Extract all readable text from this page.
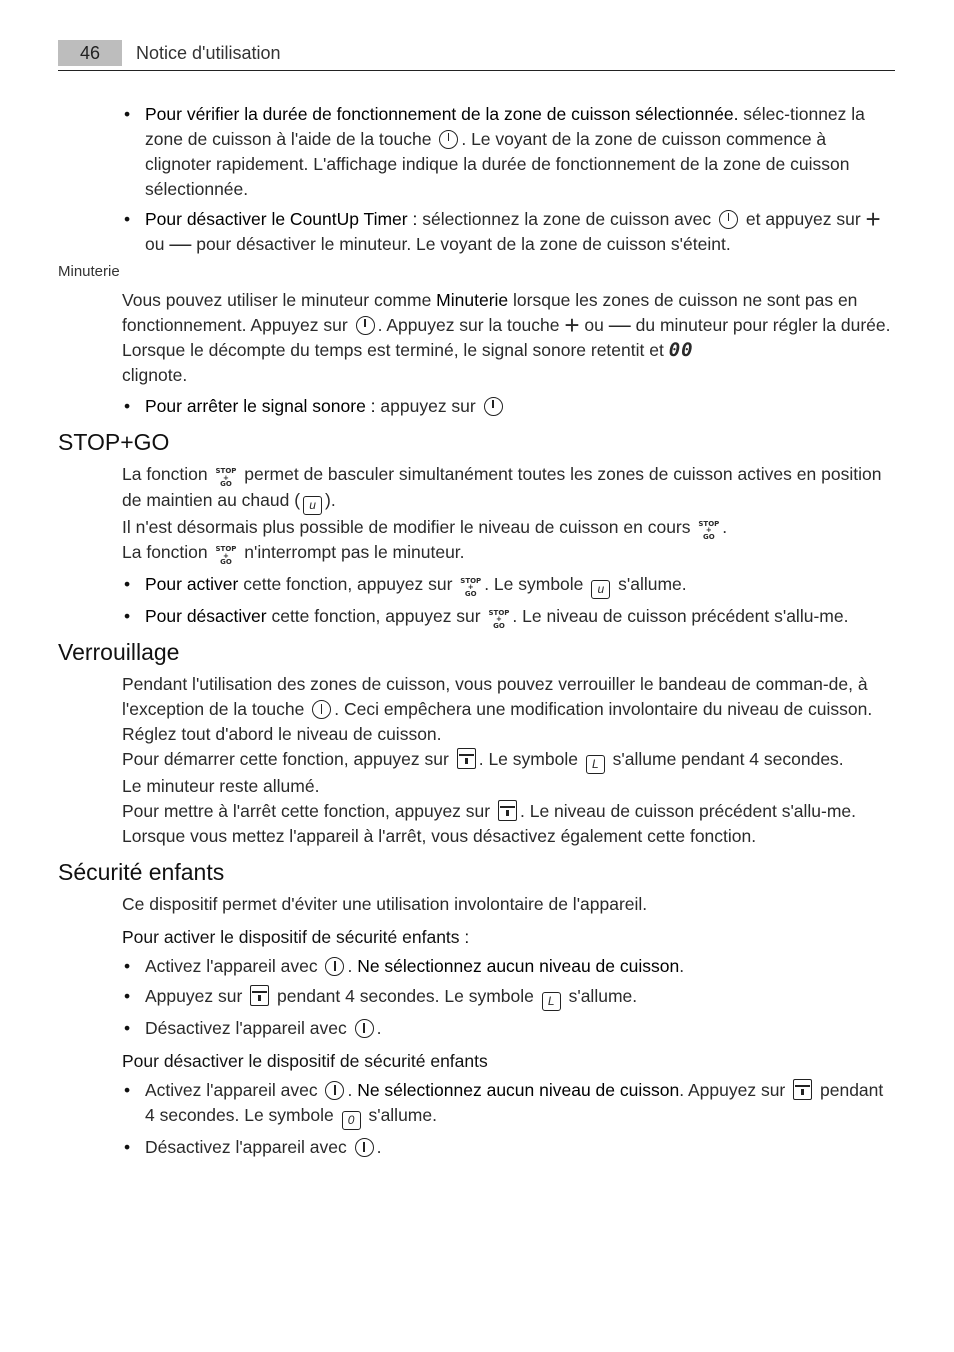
46	Notice d'utilisation
• Pour vérifier la durée de fonctionnement de la zone de cuisson sélectionnée. sélec-tionnez la zone de cuisson à l'aide de la touche . Le voyant de la zone de cuisson commence à clignoter rapidement. L'affichage indique la durée de fonctionnement de la zone de cuisson sélectionnée.
• Pour désactiver le CountUp Timer : sélectionnez la zone de cuisson avec  et appuyez sur + ou — pour désactiver le minuteur. Le voyant de la zone de cuisson s'éteint.
Minuterie

Vous pouvez utiliser le minuteur comme Minuterie lorsque les zones de cuisson ne sont pas en fonctionnement. Appuyez sur . Appuyez sur la touche + ou — du minuteur pour régler la durée. Lorsque le décompte du temps est terminé, le signal sonore retentit et 00
clignote.

• Pour arrêter le signal sonore : appuyez sur
STOP+GO

La fonction STOP
+
GO permet de basculer simultanément toutes les zones de cuisson actives en position de maintien au chaud ( u ).
Il n'est désormais plus possible de modifier le niveau de cuisson en cours STOP
+
GO .
La fonction STOP
+
GO n'interrompt pas le minuteur.

• Pour activer cette fonction, appuyez sur STOP
+
GO . Le symbole u s'allume.
• Pour désactiver cette fonction, appuyez sur STOP
+
GO . Le niveau de cuisson précédent s'allu-me.
Verrouillage

Pendant l'utilisation des zones de cuisson, vous pouvez verrouiller le bandeau de comman-de, à l'exception de la touche . Ceci empêchera une modification involontaire du niveau de cuisson.
Réglez tout d'abord le niveau de cuisson.
Pour démarrer cette fonction, appuyez sur . Le symbole L s'allume pendant 4 secondes.
Le minuteur reste allumé.
Pour mettre à l'arrêt cette fonction, appuyez sur . Le niveau de cuisson précédent s'allu-me.
Lorsque vous mettez l'appareil à l'arrêt, vous désactivez également cette fonction.

Sécurité enfants

Ce dispositif permet d'éviter une utilisation involontaire de l'appareil.

Pour activer le dispositif de sécurité enfants :
• Activez l'appareil avec . Ne sélectionnez aucun niveau de cuisson.
• Appuyez sur  pendant 4 secondes. Le symbole L s'allume.
• Désactivez l'appareil avec .
Pour désactiver le dispositif de sécurité enfants
• Activez l'appareil avec . Ne sélectionnez aucun niveau de cuisson. Appuyez sur  pendant 4 secondes. Le symbole 0 s'allume.
• Désactivez l'appareil avec .
